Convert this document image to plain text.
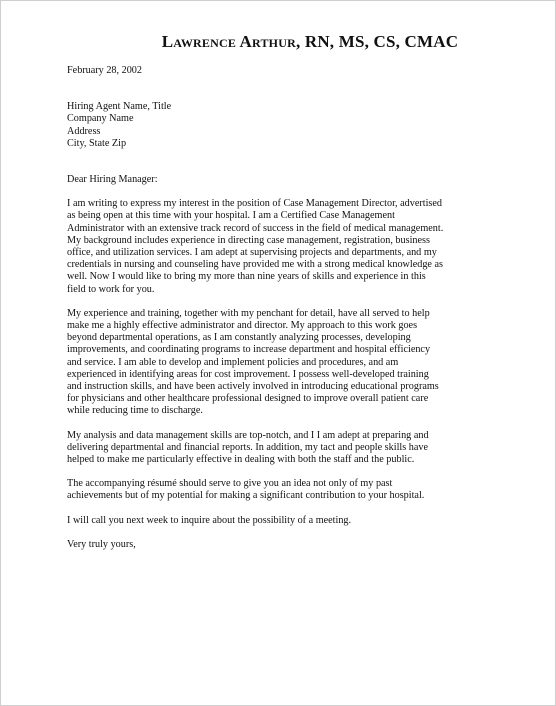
Lawrence Arthur, RN, MS, CS, CMAC
February 28, 2002
Hiring Agent Name, Title
Company Name
Address
City, State Zip
Dear Hiring Manager:
I am writing to express my interest in the position of Case Management Director, advertised
as being open at this time with your hospital. I am a Certified Case Management
Administrator with an extensive track record of success in the field of medical management.
My background includes experience in directing case management, registration, business
office, and utilization services. I am adept at supervising projects and departments, and my
credentials in nursing and counseling have provided me with a strong medical knowledge as
well. Now I would like to bring my more than nine years of skills and experience in this
field to work for you.
My experience and training, together with my penchant for detail, have all served to help
make me a highly effective administrator and director. My approach to this work goes
beyond departmental operations, as I am constantly analyzing processes, developing
improvements, and coordinating programs to increase department and hospital efficiency
and service. I am able to develop and implement policies and procedures, and am
experienced in identifying areas for cost improvement. I possess well-developed training
and instruction skills, and have been actively involved in introducing educational programs
for physicians and other healthcare professional designed to improve overall patient care
while reducing time to discharge.
My analysis and data management skills are top-notch, and I I am adept at preparing and
delivering departmental and financial reports. In addition, my tact and people skills have
helped to make me particularly effective in dealing with both the staff and the public.
The accompanying résumé should serve to give you an idea not only of my past
achievements but of my potential for making a significant contribution to your hospital.
I will call you next week to inquire about the possibility of a meeting.
Very truly yours,
